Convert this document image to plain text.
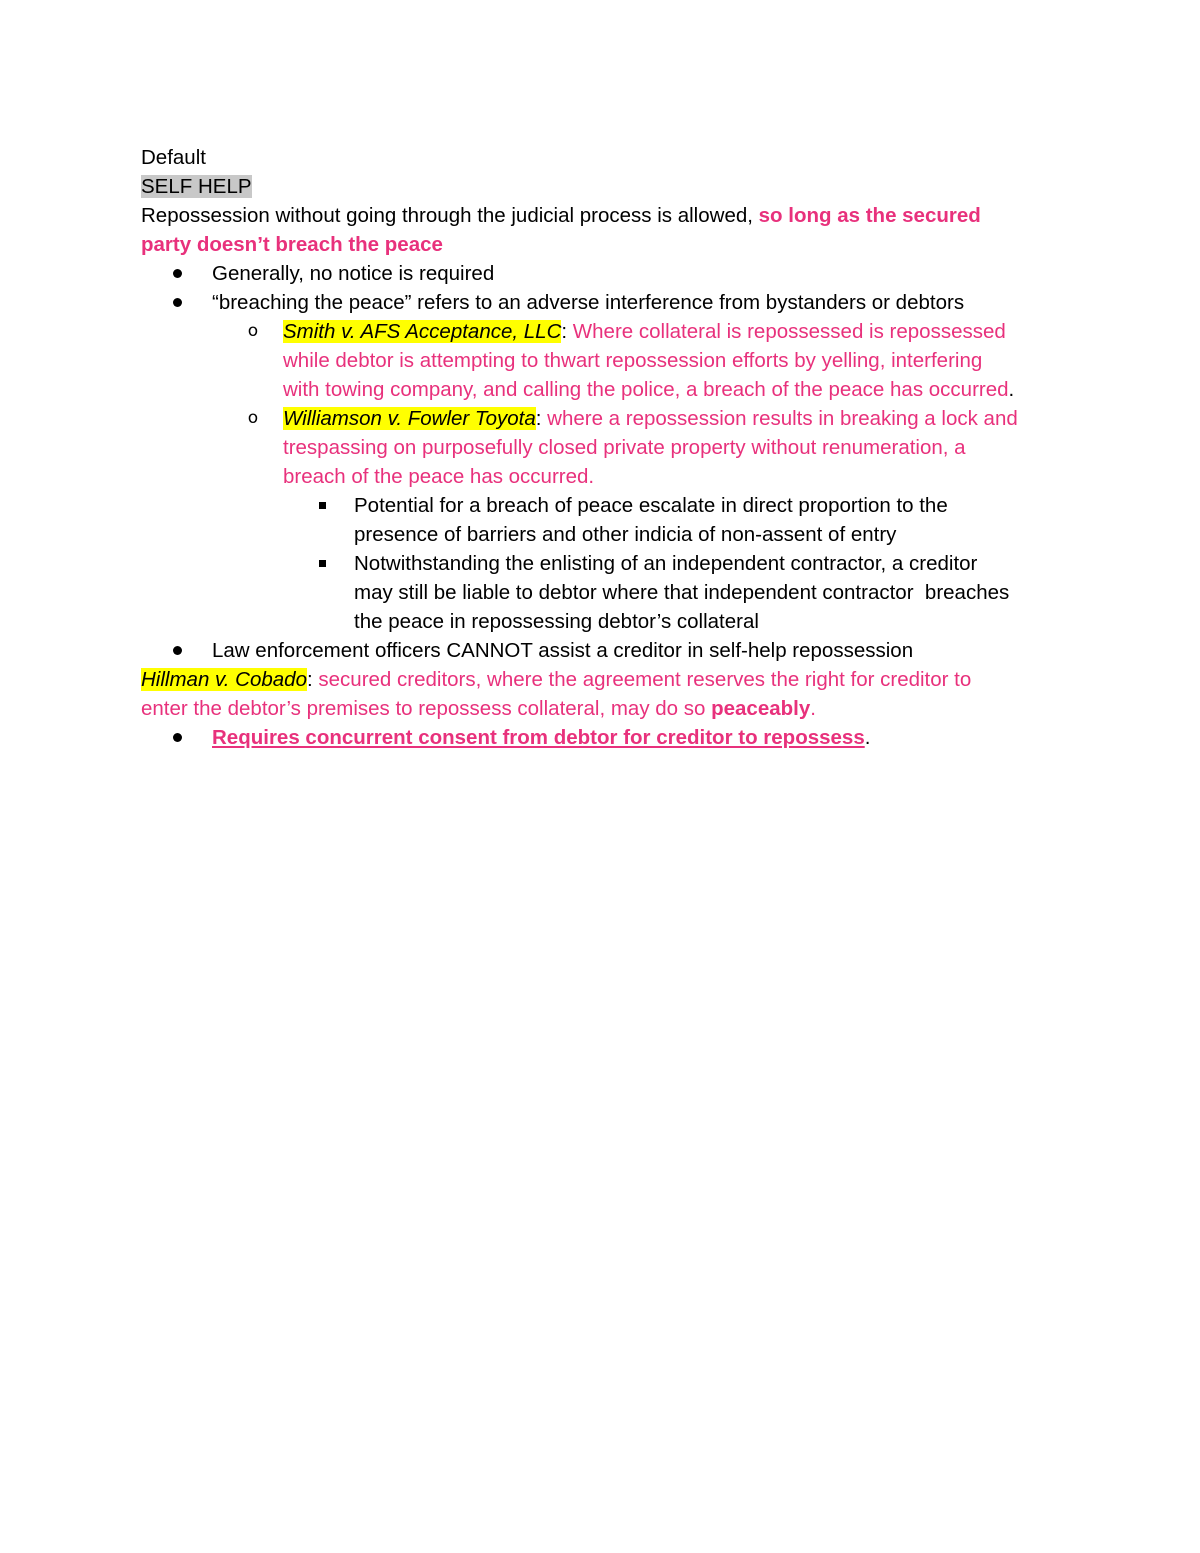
Default

SELF HELP

Repossession without going through the judicial process is allowed, so long as the secured

party doesn’t breach the peace

Generally, no notice is required
“breaching the peace” refers to an adverse interference from bystanders or debtors
o Smith v. AFS Acceptance, LLC: Where collateral is repossessed is repossessed

while debtor is attempting to thwart repossession efforts by yelling, interfering

with towing company, and calling the police, a breach of the peace has occurred.

o Williamson v. Fowler Toyota: where a repossession results in breaking a lock and

trespassing on purposefully closed private property without renumeration, a

breach of the peace has occurred.

Potential for a breach of peace escalate in direct proportion to the

presence of barriers and other indicia of non-assent of entry

Notwithstanding the enlisting of an independent contractor, a creditor

may still be liable to debtor where that independent contractor  breaches

the peace in repossessing debtor’s collateral

Law enforcement officers CANNOT assist a creditor in self-help repossession

Hillman v. Cobado: secured creditors, where the agreement reserves the right for creditor to

enter the debtor’s premises to repossess collateral, may do so peaceably.

Requires concurrent consent from debtor for creditor to repossess.
